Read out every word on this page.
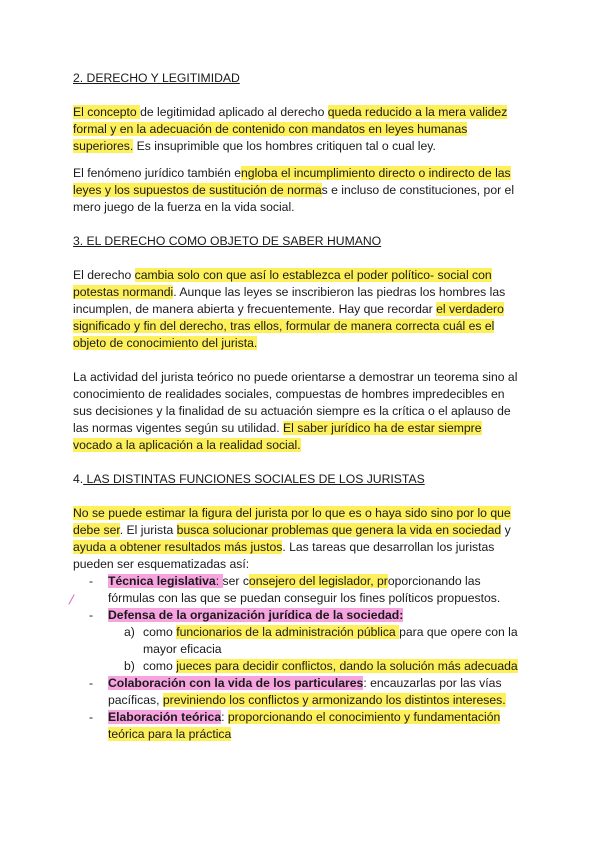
2. DERECHO Y LEGITIMIDAD

El concepto de legitimidad aplicado al derecho queda reducido a la mera validez formal y en la adecuación de contenido con mandatos en leyes humanas superiores. Es insuprimible que los hombres critiquen tal o cual ley.

El fenómeno jurídico también engloba el incumplimiento directo o indirecto de las leyes y los supuestos de sustitución de normas e incluso de constituciones, por el mero juego de la fuerza en la vida social.

3. EL DERECHO COMO OBJETO DE SABER HUMANO

El derecho cambia solo con que así lo establezca el poder político- social con potestas normandi. Aunque las leyes se inscribieron las piedras los hombres las incumplen, de manera abierta y frecuentemente. Hay que recordar el verdadero significado y fin del derecho, tras ellos, formular de manera correcta cuál es el objeto de conocimiento del jurista.

La actividad del jurista teórico no puede orientarse a demostrar un teorema sino al conocimiento de realidades sociales, compuestas de hombres impredecibles en sus decisiones y la finalidad de su actuación siempre es la crítica o el aplauso de las normas vigentes según su utilidad. El saber jurídico ha de estar siempre vocado a la aplicación a la realidad social.

4. LAS DISTINTAS FUNCIONES SOCIALES DE LOS JURISTAS

No se puede estimar la figura del jurista por lo que es o haya sido sino por lo que debe ser. El jurista busca solucionar problemas que genera la vida en sociedad y ayuda a obtener resultados más justos. Las tareas que desarrollan los juristas pueden ser esquematizadas así:

- Técnica legislativa: ser consejero del legislador, proporcionando las fórmulas con las que se puedan conseguir los fines políticos propuestos.
- Defensa de la organización jurídica de la sociedad:
a) como funcionarios de la administración pública para que opere con la mayor eficacia
b) como jueces para decidir conflictos, dando la solución más adecuada
- Colaboración con la vida de los particulares: encauzarlas por las vías pacíficas, previniendo los conflictos y armonizando los distintos intereses.
- Elaboración teórica: proporcionando el conocimiento y fundamentación teórica para la práctica
